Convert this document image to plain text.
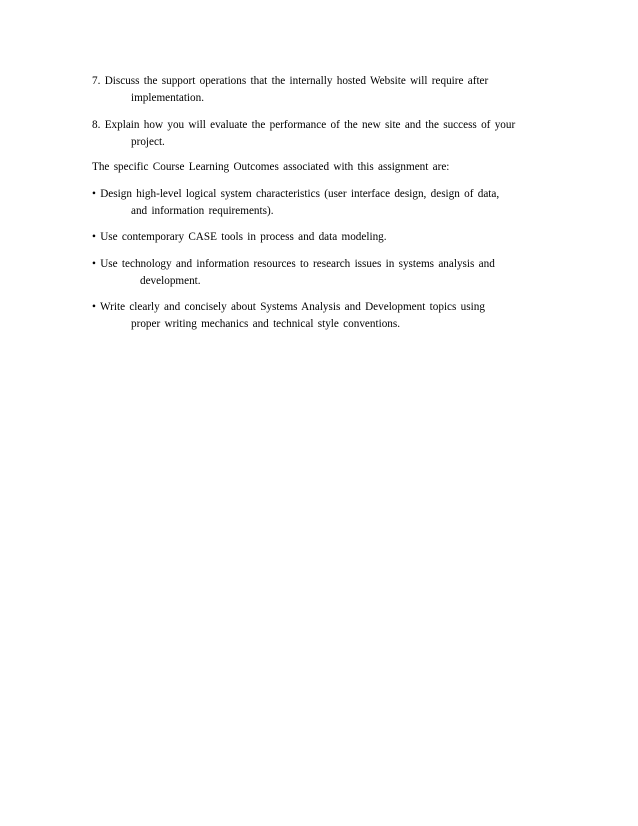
7. Discuss the support operations that the internally hosted Website will require after
implementation.
8. Explain how you will evaluate the performance of the new site and the success of your
project.
The specific Course Learning Outcomes associated with this assignment are:
• Design high-level logical system characteristics (user interface design, design of data,
and information requirements).
• Use contemporary CASE tools in process and data modeling.
• Use technology and information resources to research issues in systems analysis and
development.
• Write clearly and concisely about Systems Analysis and Development topics using
proper writing mechanics and technical style conventions.
